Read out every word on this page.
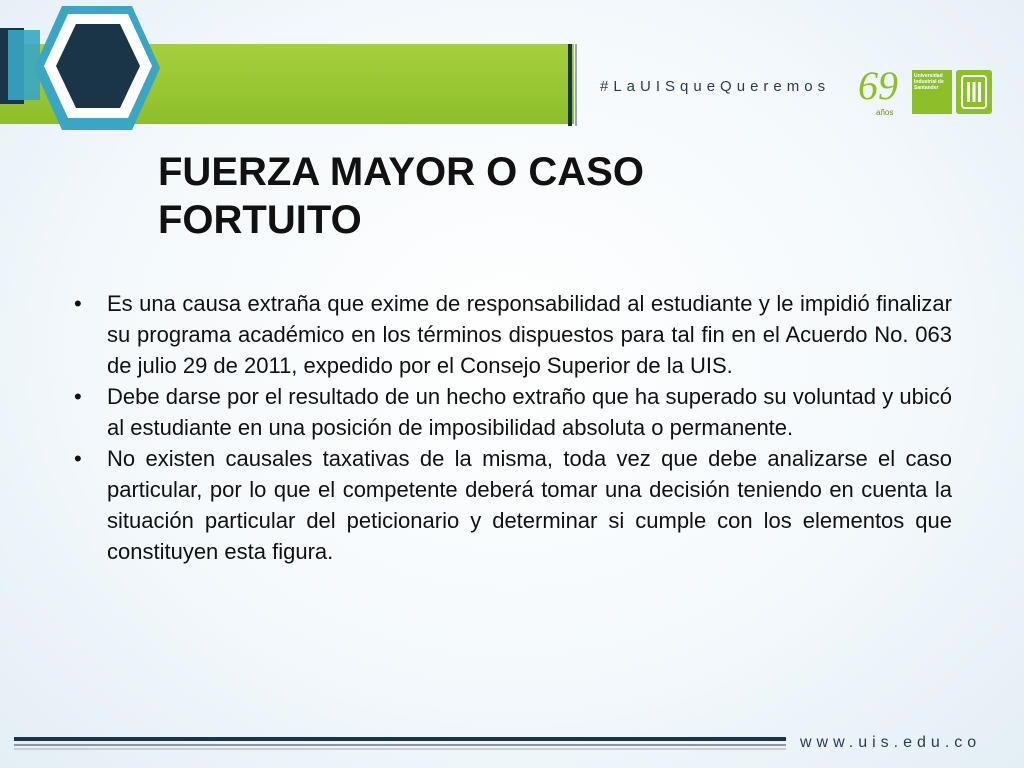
#LaUISqueQueremos 69
años
Universidad
Industrial de
Santander
FUERZA MAYOR O CASO
FORTUITO
• Es una causa extraña que exime de responsabilidad al estudiante y le impidió finalizar su programa académico en los términos dispuestos para tal fin en el Acuerdo No. 063 de julio 29 de 2011, expedido por el Consejo Superior de la UIS.
• Debe darse por el resultado de un hecho extraño que ha superado su voluntad y ubicó al estudiante en una posición de imposibilidad absoluta o permanente.
• No existen causales taxativas de la misma, toda vez que debe analizarse el caso particular, por lo que el competente deberá tomar una decisión teniendo en cuenta la situación particular del peticionario y determinar si cumple con los elementos que constituyen esta figura.
www.uis.edu.co
